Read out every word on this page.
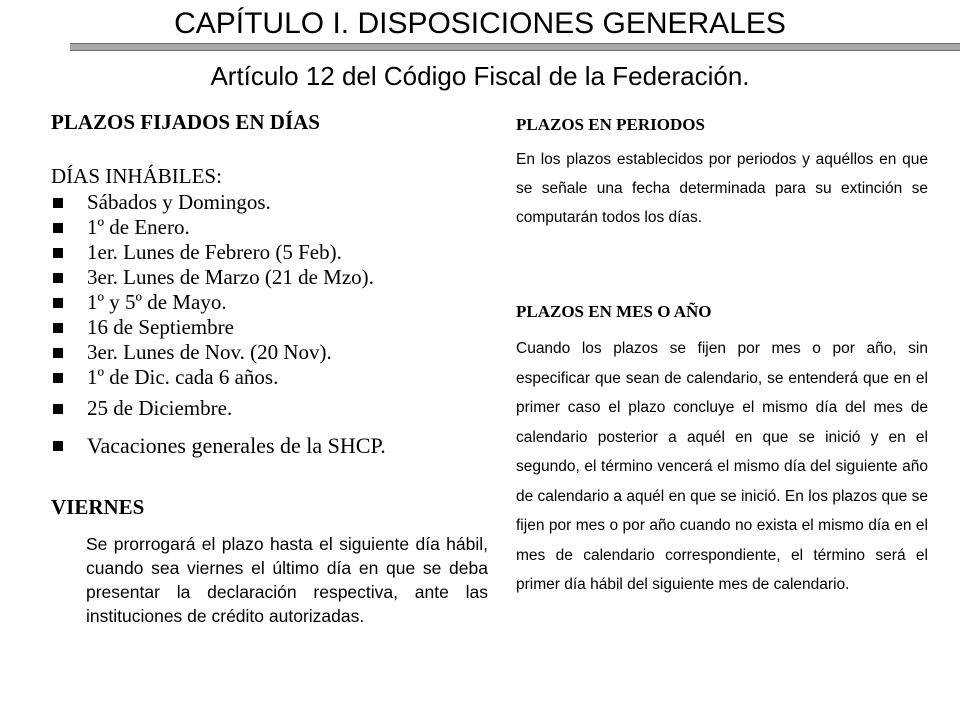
CAPÍTULO I. DISPOSICIONES GENERALES
Artículo 12 del Código Fiscal de la Federación.
PLAZOS FIJADOS EN DÍAS
DÍAS INHÁBILES:
Sábados y Domingos.
1º de Enero.
1er. Lunes de Febrero (5 Feb).
3er. Lunes de Marzo (21 de Mzo).
1º y 5º de Mayo.
16 de Septiembre
3er. Lunes de Nov. (20 Nov).
1º de Dic. cada 6 años.
25 de Diciembre.
Vacaciones generales de la SHCP.
VIERNES
Se prorrogará el plazo hasta el siguiente día hábil, cuando sea viernes el último día en que se deba presentar la declaración respectiva, ante las instituciones de crédito autorizadas.
PLAZOS EN PERIODOS
En los plazos establecidos por periodos y aquéllos en que se señale una fecha determinada para su extinción se computarán todos los días.
PLAZOS EN MES O AÑO
Cuando los plazos se fijen por mes o por año, sin especificar que sean de calendario, se entenderá que en el primer caso el plazo concluye el mismo día del mes de calendario posterior a aquél en que se inició y en el segundo, el término vencerá el mismo día del siguiente año de calendario a aquél en que se inició. En los plazos que se fijen por mes o por año cuando no exista el mismo día en el mes de calendario correspondiente, el término será el primer día hábil del siguiente mes de calendario.
